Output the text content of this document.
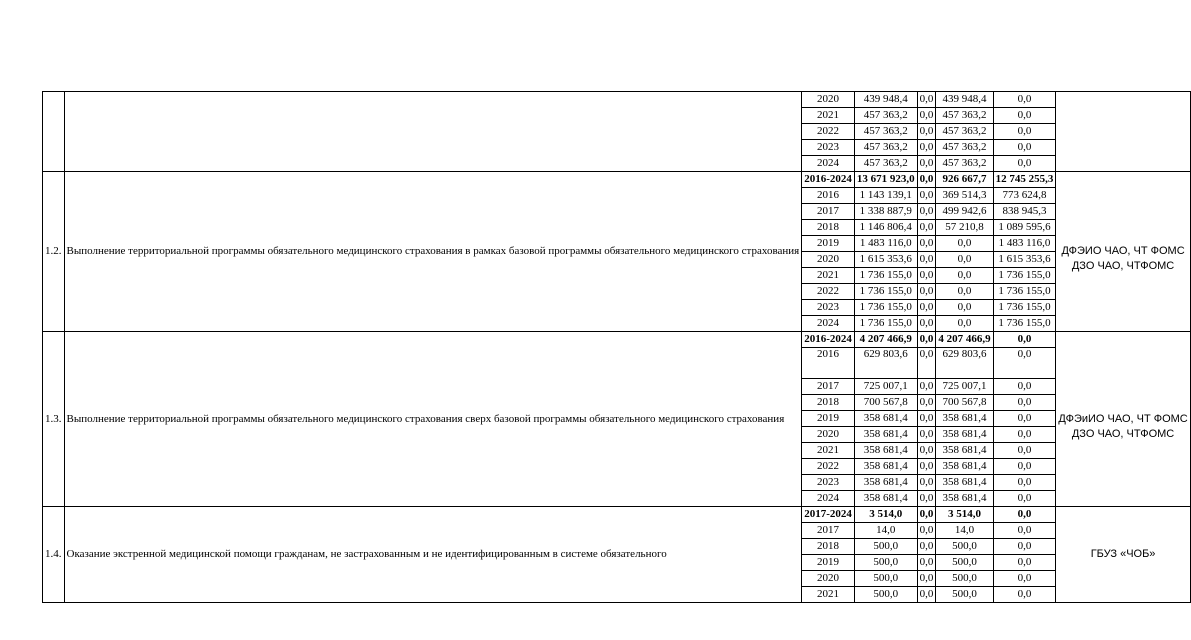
		2020	439 948,4	0,0	439 948,4	0,0	
		2021	457 363,2	0,0	457 363,2	0,0	
		2022	457 363,2	0,0	457 363,2	0,0	
		2023	457 363,2	0,0	457 363,2	0,0	
		2024	457 363,2	0,0	457 363,2	0,0	
1.2.	Выполнение территориальной программы обязательного медицинского страхования в рамках базовой программы обязательного медицинского страхования	2016-2024	13 671 923,0	0,0	926 667,7	12 745 255,3	ДФЭИО ЧАО, ЧТ ФОМС
ДЗО ЧАО, ЧТФОМС

		2016	1 143 139,1	0,0	369 514,3	773 624,8	
		2017	1 338 887,9	0,0	499 942,6	838 945,3	
		2018	1 146 806,4	0,0	57 210,8	1 089 595,6	
		2019	1 483 116,0	0,0	0,0	1 483 116,0	
		2020	1 615 353,6	0,0	0,0	1 615 353,6	
		2021	1 736 155,0	0,0	0,0	1 736 155,0	
		2022	1 736 155,0	0,0	0,0	1 736 155,0	
		2023	1 736 155,0	0,0	0,0	1 736 155,0	
		2024	1 736 155,0	0,0	0,0	1 736 155,0	
1.3.	Выполнение территориальной программы обязательного медицинского страхования сверх базовой программы обязательного медицинского страхования	2016-2024	4 207 466,9	0,0	4 207 466,9	0,0	ДФЭиИО ЧАО, ЧТ ФОМС
ДЗО ЧАО, ЧТФОМС

		2016	629 803,6	0,0	629 803,6	0,0	
		2017	725 007,1	0,0	725 007,1	0,0	
		2018	700 567,8	0,0	700 567,8	0,0	
		2019	358 681,4	0,0	358 681,4	0,0	
		2020	358 681,4	0,0	358 681,4	0,0	
		2021	358 681,4	0,0	358 681,4	0,0	
		2022	358 681,4	0,0	358 681,4	0,0	
		2023	358 681,4	0,0	358 681,4	0,0	
		2024	358 681,4	0,0	358 681,4	0,0	
1.4.	Оказание экстренной медицинской помощи гражданам, не застрахованным и не идентифицированным в системе обязательного	2017-2024	3 514,0	0,0	3 514,0	0,0	ГБУЗ «ЧОБ»

		2017	14,0	0,0	14,0	0,0	
		2018	500,0	0,0	500,0	0,0	
		2019	500,0	0,0	500,0	0,0	
		2020	500,0	0,0	500,0	0,0	
		2021	500,0	0,0	500,0	0,0	
